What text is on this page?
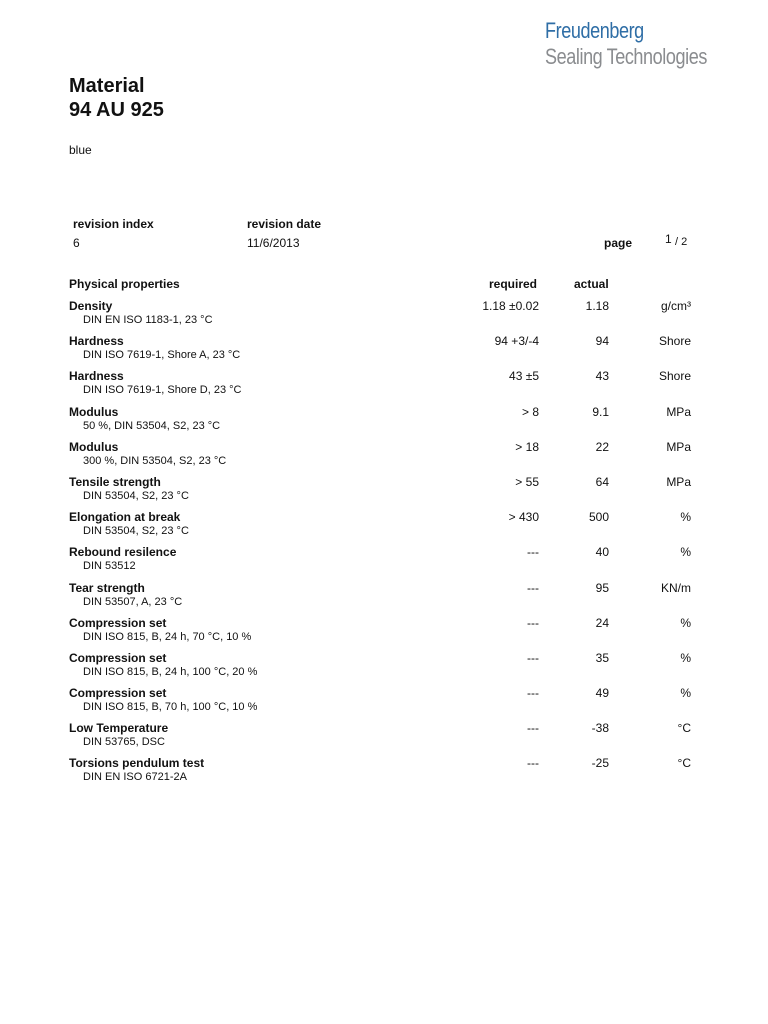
Freudenberg
Sealing Technologies
Material
94 AU 925
blue
revision index	revision date
6	11/6/2013	page	1 / 2
Physical properties	required	actual
Density
DIN EN ISO 1183-1, 23 °C
1.18 ±0.02	1.18	g/cm³
Hardness
DIN ISO 7619-1, Shore A, 23 °C
94 +3/-4	94	Shore
Hardness
DIN ISO 7619-1, Shore D, 23 °C
43 ±5	43	Shore
Modulus
50 %, DIN 53504, S2, 23 °C
> 8	9.1	MPa
Modulus
300 %, DIN 53504, S2, 23 °C
> 18	22	MPa
Tensile strength
DIN 53504, S2, 23 °C
> 55	64	MPa
Elongation at break
DIN 53504, S2, 23 °C
> 430	500	%
Rebound resilence
DIN 53512
---	40	%
Tear strength
DIN 53507, A, 23 °C
---	95	KN/m
Compression set
DIN ISO 815, B, 24 h, 70 °C, 10 %
---	24	%
Compression set
DIN ISO 815, B, 24 h, 100 °C, 20 %
---	35	%
Compression set
DIN ISO 815, B, 70 h, 100 °C, 10 %
---	49	%
Low Temperature
DIN 53765, DSC
---	-38	°C
Torsions pendulum test
DIN EN ISO 6721-2A
---	-25	°C
